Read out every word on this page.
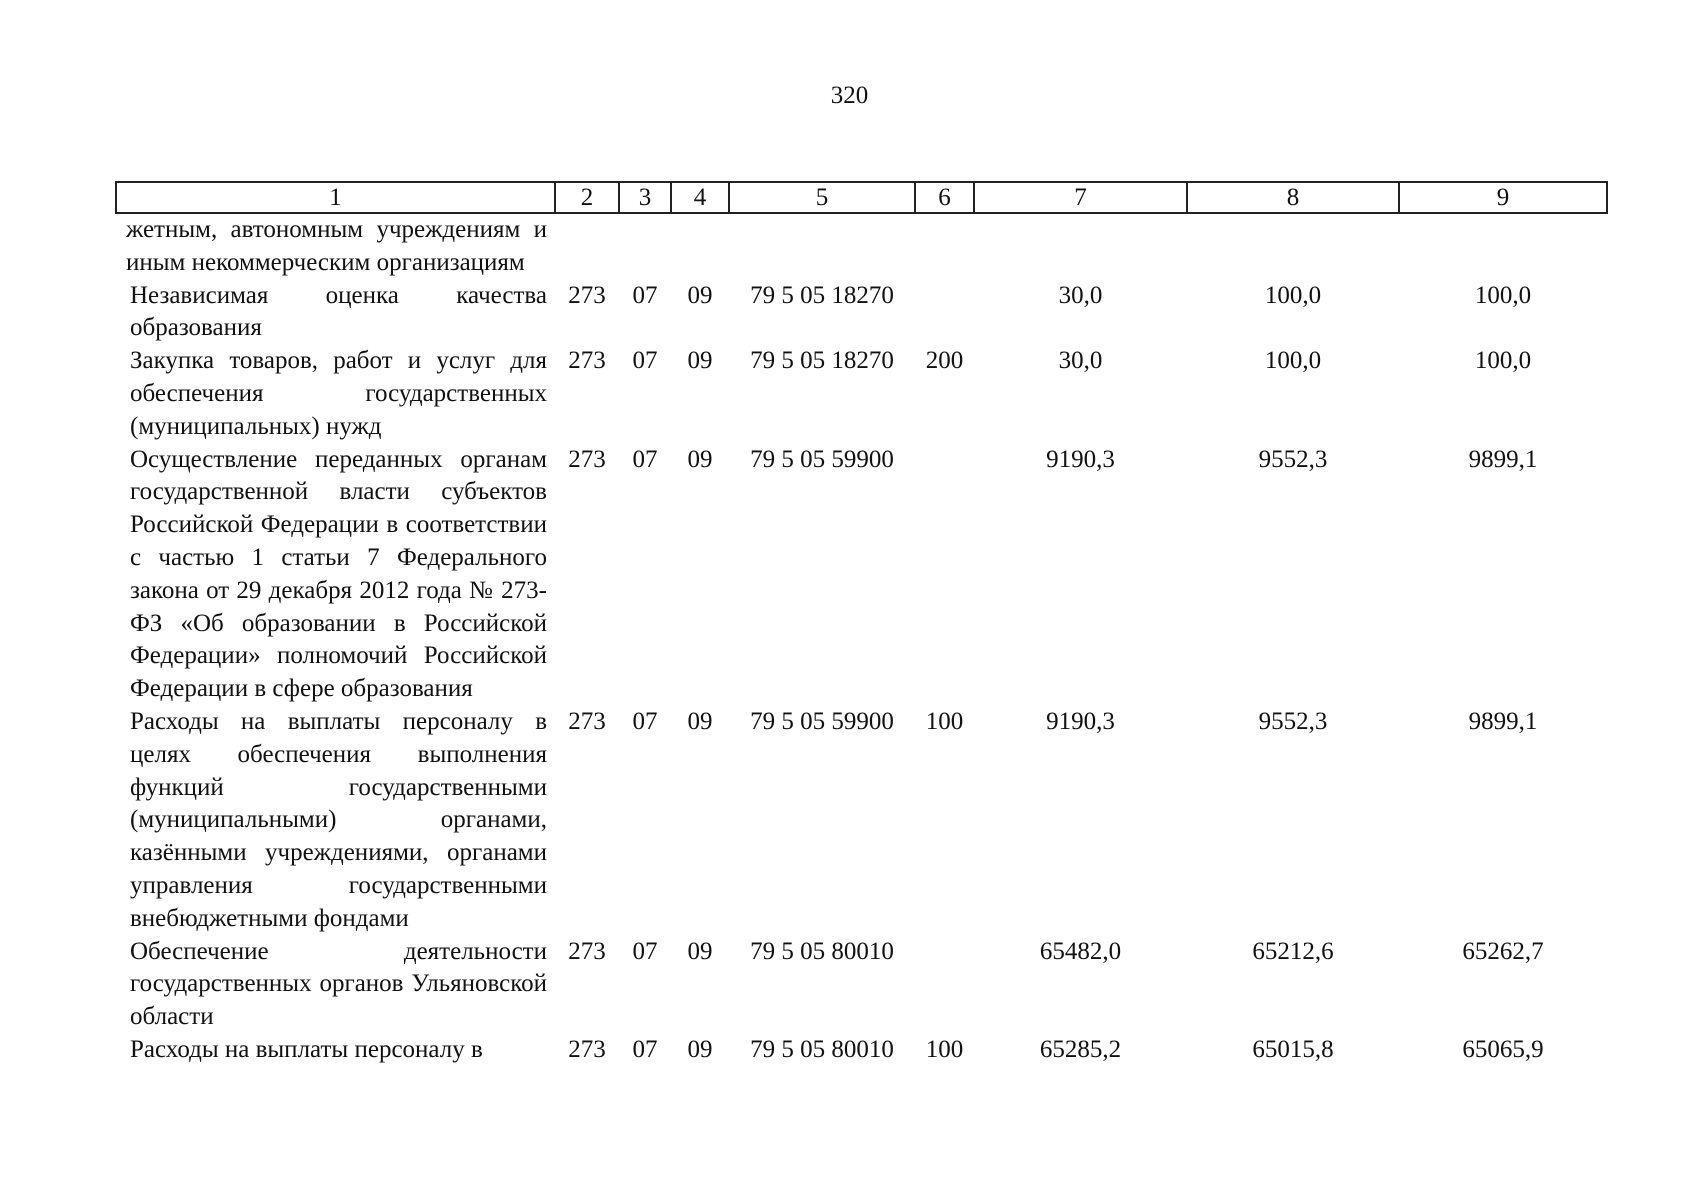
320
1	2	3	4	5	6	7	8	9
жетным, автономным учреждениям и иным некоммерческим организациям								
Независимая оценка качества образования	273	07	09	79 5 05 18270		30,0	100,0	100,0
Закупка товаров, работ и услуг для обеспечения государственных (муниципальных) нужд	273	07	09	79 5 05 18270	200	30,0	100,0	100,0
Осуществление переданных органам государственной власти субъектов Российской Федерации в соответствии с частью 1 статьи 7 Федерального закона от 29 декабря 2012 года № 273-ФЗ «Об образовании в Российской Федерации» полномочий Российской Федерации в сфере образования	273	07	09	79 5 05 59900		9190,3	9552,3	9899,1
Расходы на выплаты персоналу в целях обеспечения выполнения функций государственными (муниципальными) органами, казёнными учреждениями, органами управления государственными внебюджетными фондами	273	07	09	79 5 05 59900	100	9190,3	9552,3	9899,1
Обеспечение деятельности государственных органов Ульяновской области	273	07	09	79 5 05 80010		65482,0	65212,6	65262,7
Расходы на выплаты персоналу в	273	07	09	79 5 05 80010	100	65285,2	65015,8	65065,9
